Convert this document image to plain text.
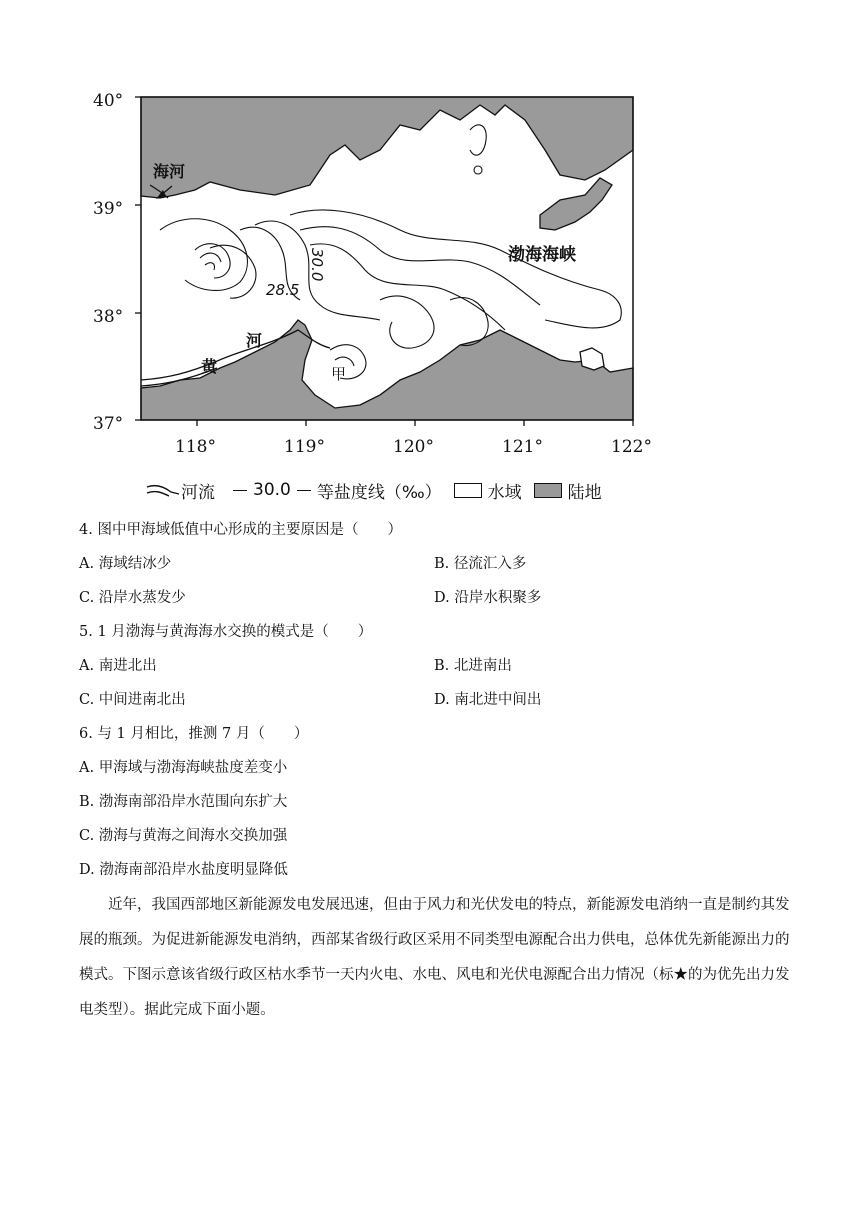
40°
39°
38°
37°
118°	119°	120°	121°	122°
海河
渤海海峡
河
黄	甲
28.5
30.0
河流 30.0 等盐度线（‰）	水域	陆地
4. 图中甲海域低值中心形成的主要原因是（　　）
A. 海域结冰少	B. 径流汇入多
C. 沿岸水蒸发少	D. 沿岸水积聚多
5. 1 月渤海与黄海海水交换的模式是（　　）
A. 南进北出	B. 北进南出
C. 中间进南北出	D. 南北进中间出
6. 与 1 月相比，推测 7 月（　　）
A. 甲海域与渤海海峡盐度差变小
B. 渤海南部沿岸水范围向东扩大
C. 渤海与黄海之间海水交换加强
D. 渤海南部沿岸水盐度明显降低

　　近年，我国西部地区新能源发电发展迅速，但由于风力和光伏发电的特点，新能源发电消纳一直是制约其发展的瓶颈。为促进新能源发电消纳，西部某省级行政区采用不同类型电源配合出力供电，总体优先新能源出力的模式。下图示意该省级行政区枯水季节一天内火电、水电、风电和光伏电源配合出力情况（标★的为优先出力发电类型）。据此完成下面小题。
